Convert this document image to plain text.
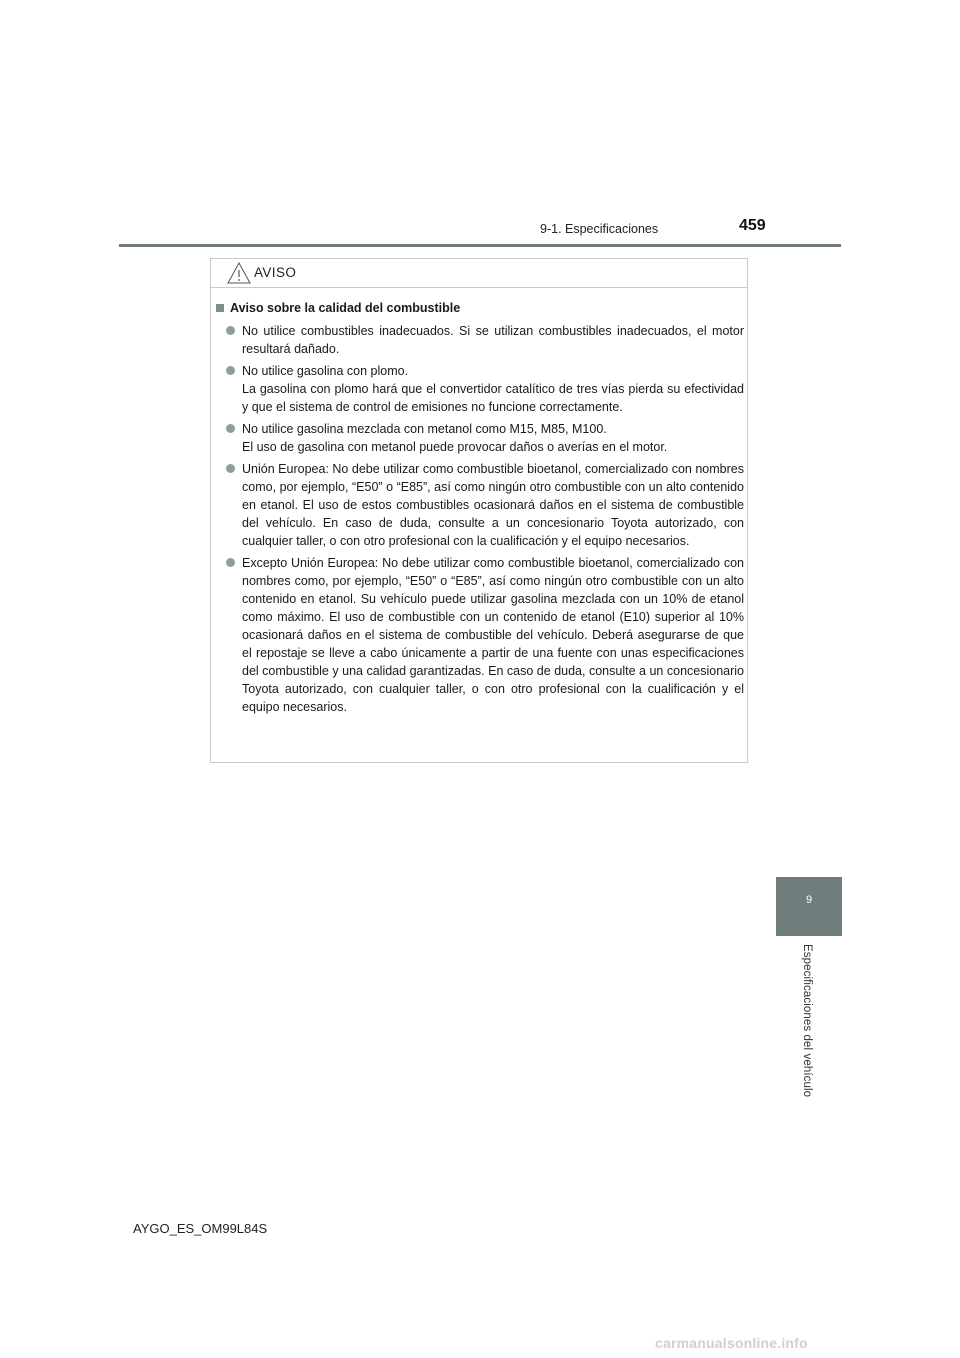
9-1. Especificaciones	459
9
Especificaciones del vehículo
AVISO
Aviso sobre la calidad del combustible
No utilice combustibles inadecuados. Si se utilizan combustibles inadecuados, el motor resultará dañado.
No utilice gasolina con plomo.
La gasolina con plomo hará que el convertidor catalítico de tres vías pierda su efectividad y que el sistema de control de emisiones no funcione correctamente.
No utilice gasolina mezclada con metanol como M15, M85, M100.
El uso de gasolina con metanol puede provocar daños o averías en el motor.
Unión Europea: No debe utilizar como combustible bioetanol, comercializado con nombres como, por ejemplo, “E50” o “E85”, así como ningún otro combustible con un alto contenido en etanol. El uso de estos combustibles ocasionará daños en el sistema de combustible del vehículo. En caso de duda, consulte a un concesionario Toyota autorizado, con cualquier taller, o con otro profesional con la cualificación y el equipo necesarios.
Excepto Unión Europea: No debe utilizar como combustible bioetanol, comercializado con nombres como, por ejemplo, “E50” o “E85”, así como ningún otro combustible con un alto contenido en etanol. Su vehículo puede utilizar gasolina mezclada con un 10% de etanol como máximo. El uso de combustible con un contenido de etanol (E10) superior al 10% ocasionará daños en el sistema de combustible del vehículo. Deberá asegurarse de que el repostaje se lleve a cabo únicamente a partir de una fuente con unas especificaciones del combustible y una calidad garantizadas. En caso de duda, consulte a un concesionario Toyota autorizado, con cualquier taller, o con otro profesional con la cualificación y el equipo necesarios.
AYGO_ES_OM99L84S
carmanualsonline.info
